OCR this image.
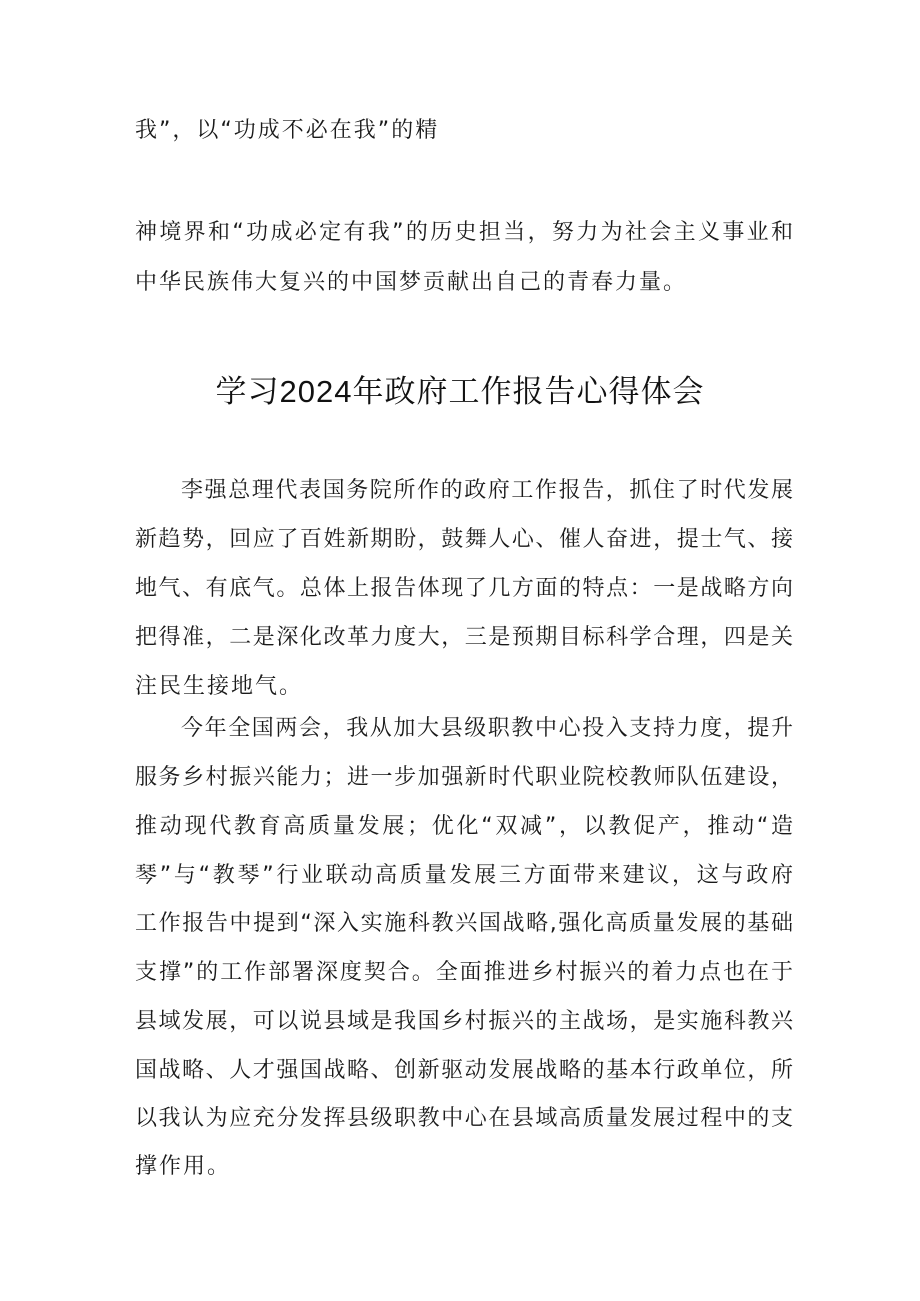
我”，以“功成不必在我”的精
神境界和“功成必定有我”的历史担当，努力为社会主义事业和
中华民族伟大复兴的中国梦贡献出自己的青春力量。
学习2024年政府工作报告心得体会
李强总理代表国务院所作的政府工作报告，抓住了时代发展
新趋势，回应了百姓新期盼，鼓舞人心、催人奋进，提士气、接
地气、有底气。总体上报告体现了几方面的特点：一是战略方向
把得准，二是深化改革力度大，三是预期目标科学合理，四是关
注民生接地气。
今年全国两会，我从加大县级职教中心投入支持力度，提升
服务乡村振兴能力；进一步加强新时代职业院校教师队伍建设，
推动现代教育高质量发展；优化“双减”，以教促产，推动“造
琴”与“教琴”行业联动高质量发展三方面带来建议，这与政府
工作报告中提到“深入实施科教兴国战略,强化高质量发展的基础
支撑”的工作部署深度契合。全面推进乡村振兴的着力点也在于
县域发展，可以说县域是我国乡村振兴的主战场，是实施科教兴
国战略、人才强国战略、创新驱动发展战略的基本行政单位，所
以我认为应充分发挥县级职教中心在县域高质量发展过程中的支
撑作用。
